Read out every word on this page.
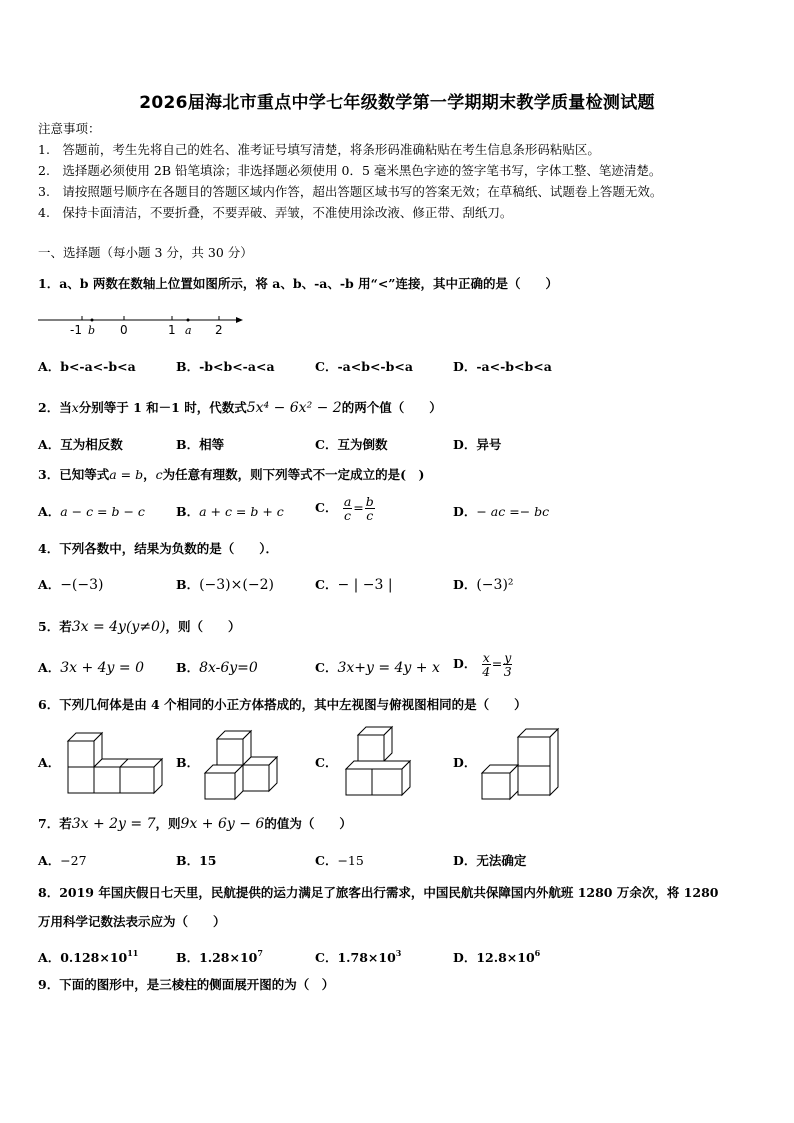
2026届海北市重点中学七年级数学第一学期期末教学质量检测试题
注意事项：
1.　答题前，考生先将自己的姓名、准考证号填写清楚，将条形码准确粘贴在考生信息条形码粘贴区。
2.　选择题必须使用 2B 铅笔填涂；非选择题必须使用 0．5 毫米黑色字迹的签字笔书写，字体工整、笔迹清楚。
3.　请按照题号顺序在各题目的答题区域内作答，超出答题区域书写的答案无效；在草稿纸、试题卷上答题无效。
4.　保持卡面清洁，不要折叠，不要弄破、弄皱，不准使用涂改液、修正带、刮纸刀。
一、选择题（每小题 3 分，共 30 分）
1．a、b 两数在数轴上位置如图所示，将 a、b、-a、-b 用“<”连接，其中正确的是（　　）
-1 b 0	1 a 2
A．b<-a<-b<a	B．-b<b<-a<a	C．-a<b<-b<a	D．-a<-b<b<a
2．当x分别等于 1 和－1 时，代数式5x⁴ − 6x² − 2的两个值（　　）
A．互为相反数	B．相等	C．互为倒数	D．异号
3．已知等式a = b，c为任意有理数，则下列等式不一定成立的是(　)
A．a − c = b − c B．a + c = b + c C． $\frac{a}{c} = \frac{b}{c}$	D．− ac =− bc
4．下列各数中，结果为负数的是（　　）．
A．−(−3)	B．(−3)×(−2)	C．− | −3 |	D．(−3)²
5．若3x = 4y(y≠0)，则（　　）
A．3x + 4y = 0	B．8x-6y=0	C．3x+y = 4y + x D． $\frac{x}{4} = \frac{y}{3}$
6．下列几何体是由 4 个相同的小正方体搭成的，其中左视图与俯视图相同的是（　　）
A．	B．	C．	D．
7．若3x + 2y = 7，则9x + 6y − 6的值为（　　）
A．−27	B．15	C．−15	D．无法确定
8．2019 年国庆假日七天里，民航提供的运力满足了旅客出行需求，中国民航共保障国内外航班 1280 万余次，将 1280
万用科学记数法表示应为（　　）
A．$0.128\times 10^{11}$	B．$1.28\times 10^7$	C．$1.78\times 10^3$	D．$12.8\times 10^6$
9．下面的图形中，是三棱柱的侧面展开图的为（　）
